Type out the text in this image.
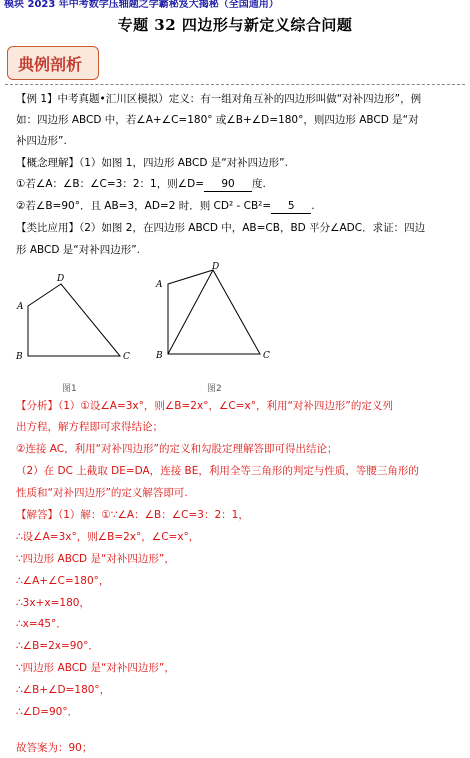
模块 2023 年中考数学压轴题之学霸秘笈大揭秘（全国通用）
专题 32 四边形与新定义综合问题
典例剖析
【例 1】中考真题•汇川区模拟）定义：有一组对角互补的四边形叫做“对补四边形”，例
如：四边形 ABCD 中，若∠A+∠C=180° 或∠B+∠D=180°，则四边形 ABCD 是“对
补四边形”.
【概念理解】（1）如图 1，四边形 ABCD 是“对补四边形”.
①若∠A：∠B：∠C=3：2：1，则∠D= 90 度.
②若∠B=90°．且 AB=3，AD=2 时．则 CD² - CB²= 5 .
【类比应用】（2）如图 2，在四边形 ABCD 中，AB=CB，BD 平分∠ADC．求证：四边
形 ABCD 是“对补四边形”.
A
D
B	C
图1
A
D
B	C
图2
【分析】（1）①设∠A=3x°，则∠B=2x°，∠C=x°，利用“对补四边形”的定义列
出方程，解方程即可求得结论；
②连接 AC，利用“对补四边形”的定义和勾股定理解答即可得出结论；
（2）在 DC 上截取 DE=DA，连接 BE，利用全等三角形的判定与性质，等腰三角形的
性质和“对补四边形”的定义解答即可.
【解答】（1）解：①∵∠A：∠B：∠C=3：2：1，
∴设∠A=3x°，则∠B=2x°，∠C=x°，
∵四边形 ABCD 是“对补四边形”，
∴∠A+∠C=180°，
∴3x+x=180，
∴x=45°．
∴∠B=2x=90°．
∵四边形 ABCD 是“对补四边形”，
∴∠B+∠D=180°，
∴∠D=90°．
故答案为：90；
